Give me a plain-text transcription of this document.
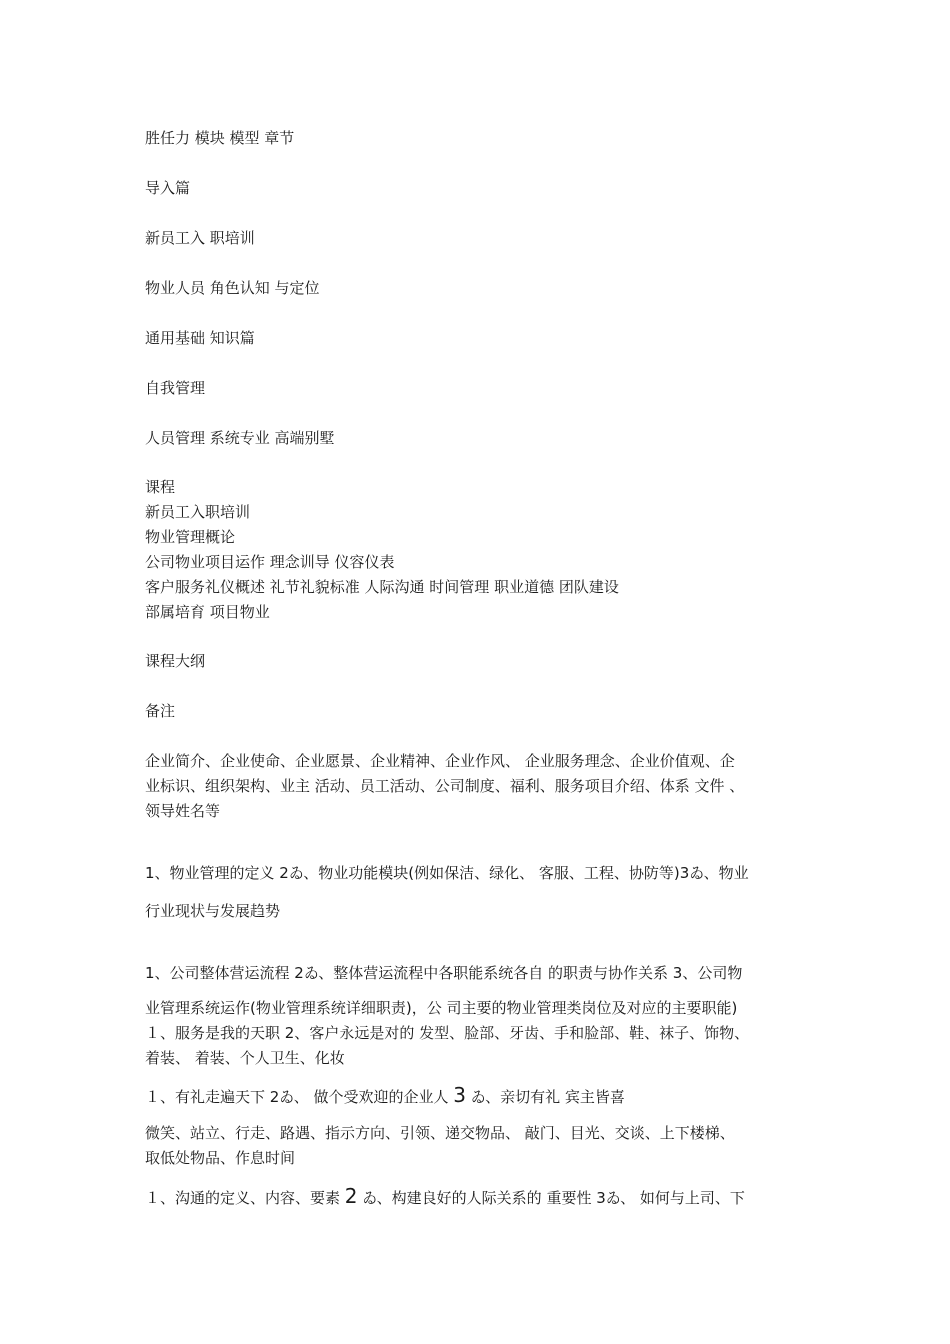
胜任力 模块 模型 章节
导入篇
新员工入 职培训
物业人员 角色认知 与定位
通用基础 知识篇
自我管理
人员管理 系统专业 高端别墅
课程
新员工入职培训
物业管理概论
公司物业项目运作 理念训导 仪容仪表
客户服务礼仪概述 礼节礼貌标准 人际沟通 时间管理 职业道德 团队建设
部属培育 项目物业
课程大纲
备注
企业简介、企业使命、企业愿景、企业精神、企业作风、 企业服务理念、企业价值观、企
业标识、组织架构、业主 活动、员工活动、公司制度、福利、服务项目介绍、体系 文件 、
领导姓名等
1、物业管理的定义 2ゐ、物业功能模块(例如保洁、绿化、 客服、工程、协防等)3ゐ、物业
行业现状与发展趋势
1、公司整体营运流程 2ゐ、整体营运流程中各职能系统各自 的职责与协作关系 3、公司物
业管理系统运作(物业管理系统详细职责)，公 司主要的物业管理类岗位及对应的主要职能)
１、服务是我的天职 2、客户永远是对的 发型、脸部、牙齿、手和脸部、鞋、袜子、饰物、
着装、 着装、个人卫生、化妆
１、有礼走遍天下 2ゐ、 做个受欢迎的企业人 3 ゐ、亲切有礼 宾主皆喜
微笑、站立、行走、路遇、指示方向、引领、递交物品、 敲门、目光、交谈、上下楼梯、
取低处物品、作息时间
１、沟通的定义、内容、要素 2 ゐ、构建良好的人际关系的 重要性 3ゐ、 如何与上司、下
